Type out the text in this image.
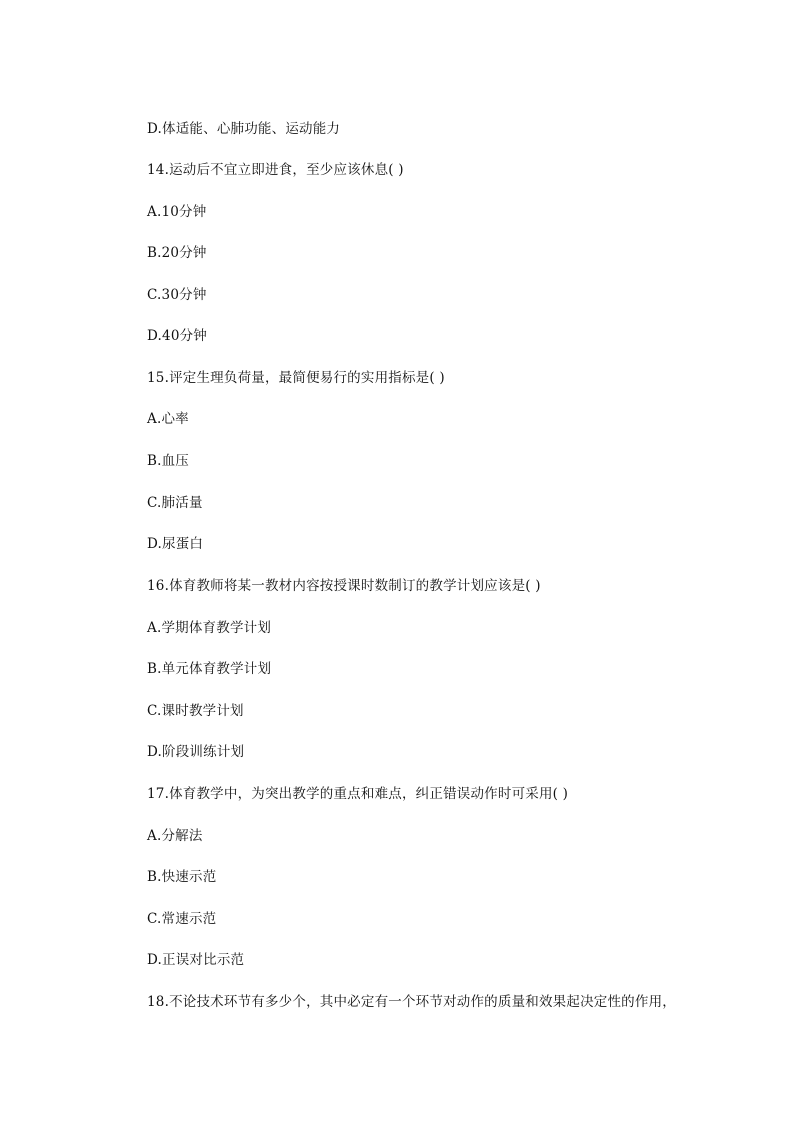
D.体适能、心肺功能、运动能力
14.运动后不宜立即进食，至少应该休息( )
A.10分钟
B.20分钟
C.30分钟
D.40分钟
15.评定生理负荷量，最简便易行的实用指标是( )
A.心率
B.血压
C.肺活量
D.尿蛋白
16.体育教师将某一教材内容按授课时数制订的教学计划应该是( )
A.学期体育教学计划
B.单元体育教学计划
C.课时教学计划
D.阶段训练计划
17.体育教学中，为突出教学的重点和难点，纠正错误动作时可采用( )
A.分解法
B.快速示范
C.常速示范
D.正误对比示范
18.不论技术环节有多少个，其中必定有一个环节对动作的质量和效果起决定性的作用，
